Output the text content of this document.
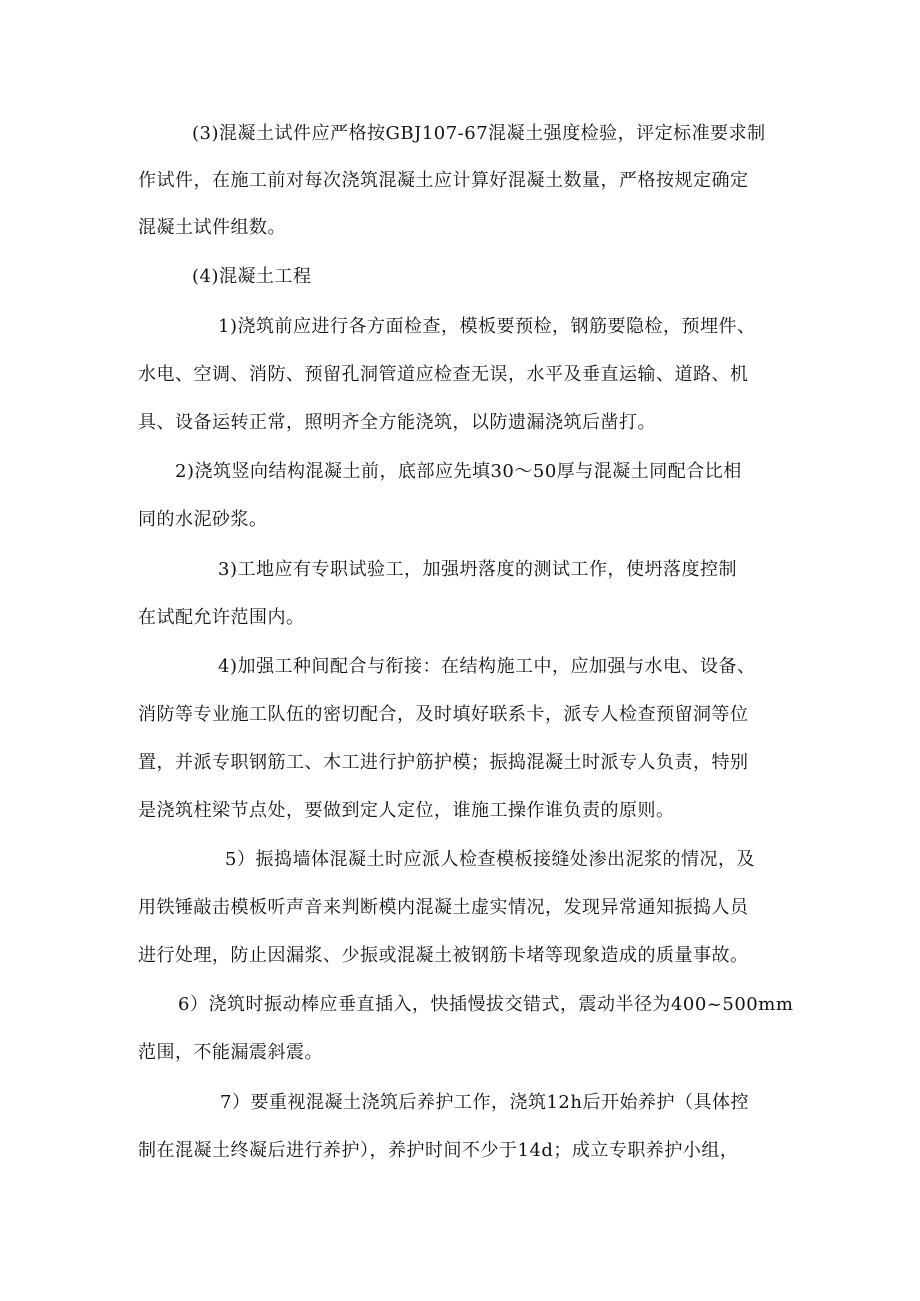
(3)混凝土试件应严格按GBJ107-67混凝土强度检验，评定标准要求制
作试件，在施工前对每次浇筑混凝土应计算好混凝土数量，严格按规定确定
混凝土试件组数。
(4)混凝土工程
1)浇筑前应进行各方面检查，模板要预检，钢筋要隐检，预埋件、
水电、空调、消防、预留孔洞管道应检查无误，水平及垂直运输、道路、机
具、设备运转正常，照明齐全方能浇筑，以防遗漏浇筑后凿打。
2)浇筑竖向结构混凝土前，底部应先填30～50厚与混凝土同配合比相
同的水泥砂浆。
3)工地应有专职试验工，加强坍落度的测试工作，使坍落度控制
在试配允许范围内。
4)加强工种间配合与衔接：在结构施工中，应加强与水电、设备、
消防等专业施工队伍的密切配合，及时填好联系卡，派专人检查预留洞等位
置，并派专职钢筋工、木工进行护筋护模；振捣混凝土时派专人负责，特别
是浇筑柱梁节点处，要做到定人定位，谁施工操作谁负责的原则。
5）振捣墙体混凝土时应派人检查模板接缝处渗出泥浆的情况，及
用铁锤敲击模板听声音来判断模内混凝土虚实情况，发现异常通知振捣人员
进行处理，防止因漏浆、少振或混凝土被钢筋卡堵等现象造成的质量事故。
6）浇筑时振动棒应垂直插入，快插慢拔交错式，震动半径为400~500mm
范围，不能漏震斜震。
7）要重视混凝土浇筑后养护工作，浇筑12h后开始养护（具体控
制在混凝土终凝后进行养护），养护时间不少于14d；成立专职养护小组，
